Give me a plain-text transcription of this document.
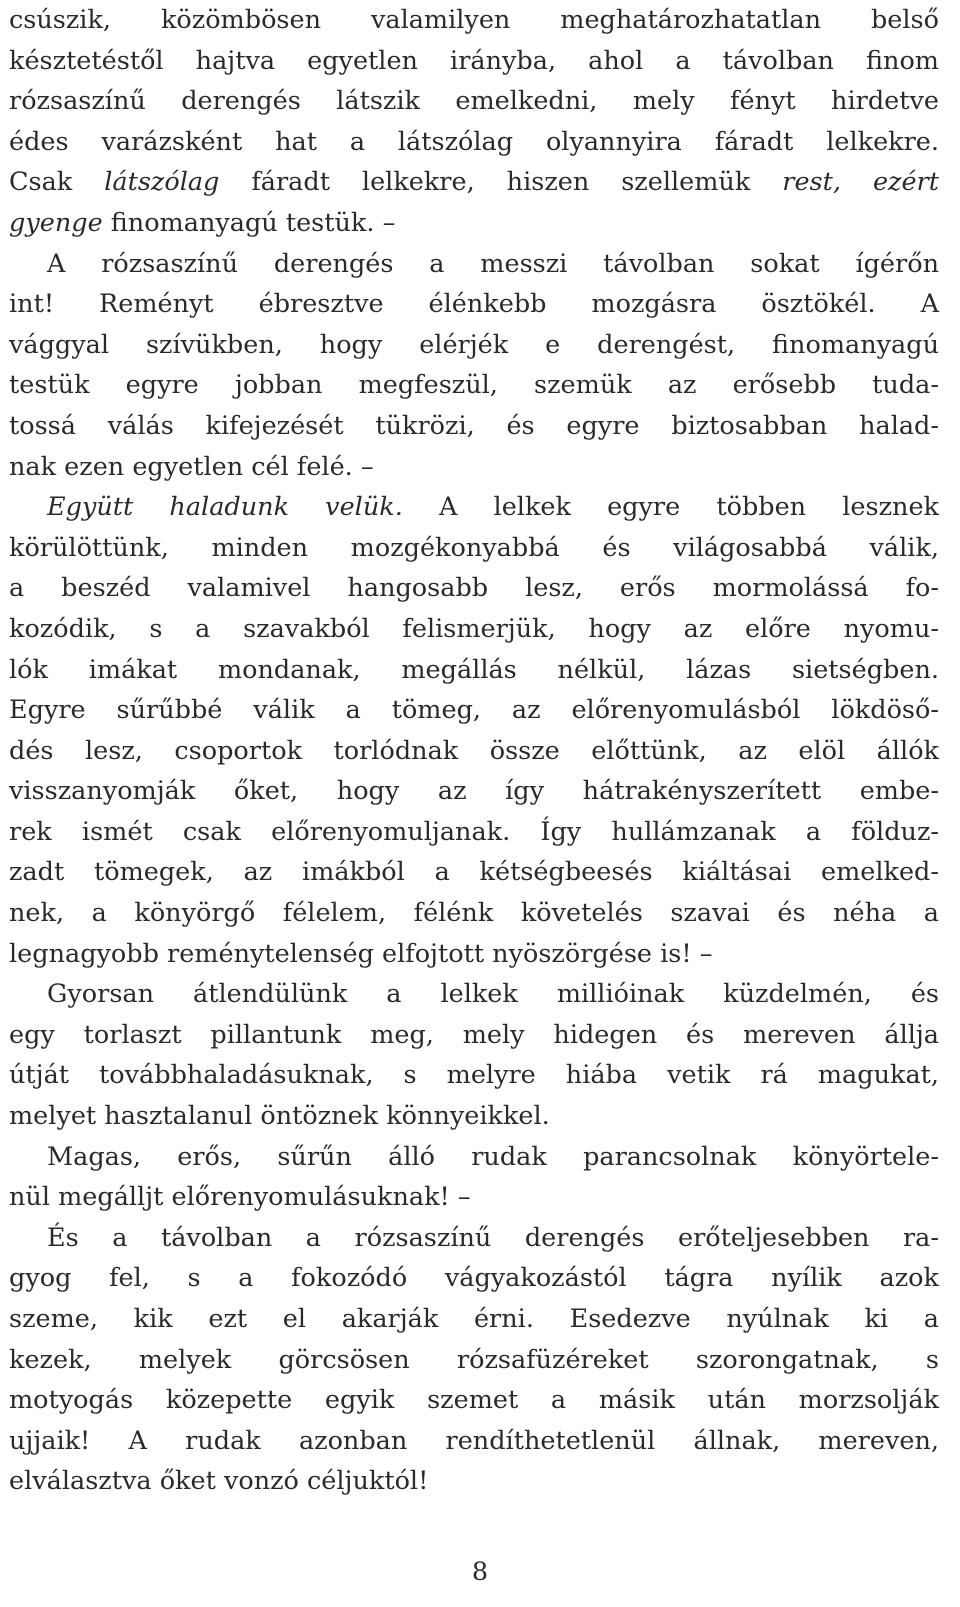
csúszik, közömbösen valamilyen meghatározhatatlan belső
késztetéstől hajtva egyetlen irányba, ahol a távolban finom
rózsaszínű derengés látszik emelkedni, mely fényt hirdetve
édes varázsként hat a látszólag olyannyira fáradt lelkekre.
Csak látszólag fáradt lelkekre, hiszen szellemük rest, ezért
gyenge finomanyagú testük. –
A rózsaszínű derengés a messzi távolban sokat ígérőn
int! Reményt ébresztve élénkebb mozgásra ösztökél. A
vággyal szívükben, hogy elérjék e derengést, finomanyagú
testük egyre jobban megfeszül, szemük az erősebb tuda-
tossá válás kifejezését tükrözi, és egyre biztosabban halad-
nak ezen egyetlen cél felé. –
Együtt haladunk velük. A lelkek egyre többen lesznek
körülöttünk, minden mozgékonyabbá és világosabbá válik,
a beszéd valamivel hangosabb lesz, erős mormolássá fo-
kozódik, s a szavakból felismerjük, hogy az előre nyomu-
lók imákat mondanak, megállás nélkül, lázas sietségben.
Egyre sűrűbbé válik a tömeg, az előrenyomulásból lökdöső-
dés lesz, csoportok torlódnak össze előttünk, az elöl állók
visszanyomják őket, hogy az így hátrakényszerített embe-
rek ismét csak előrenyomuljanak. Így hullámzanak a földuz-
zadt tömegek, az imákból a kétségbeesés kiáltásai emelked-
nek, a könyörgő félelem, félénk követelés szavai és néha a
legnagyobb reménytelenség elfojtott nyöszörgése is! –
Gyorsan átlendülünk a lelkek millióinak küzdelmén, és
egy torlaszt pillantunk meg, mely hidegen és mereven állja
útját továbbhaladásuknak, s melyre hiába vetik rá magukat,
melyet hasztalanul öntöznek könnyeikkel.
Magas, erős, sűrűn álló rudak parancsolnak könyörtele-
nül megálljt előrenyomulásuknak! –
És a távolban a rózsaszínű derengés erőteljesebben ra-
gyog fel, s a fokozódó vágyakozástól tágra nyílik azok
szeme, kik ezt el akarják érni. Esedezve nyúlnak ki a
kezek, melyek görcsösen rózsafüzéreket szorongatnak, s
motyogás közepette egyik szemet a másik után morzsolják
ujjaik! A rudak azonban rendíthetetlenül állnak, mereven,
elválasztva őket vonzó céljuktól!
8
